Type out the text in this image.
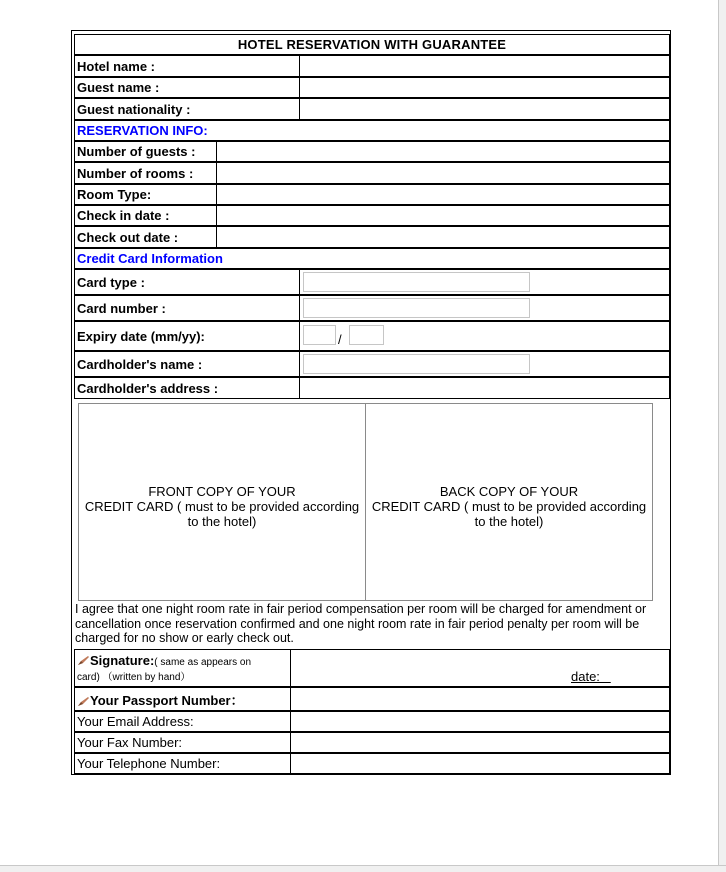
HOTEL RESERVATION WITH GUARANTEE
Hotel name :
Guest name :
Guest nationality :
RESERVATION INFO:
Number of guests :
Number of rooms :
Room Type:
Check in date :
Check out date :
Credit Card Information
Card type :
Card number :
Expiry date (mm/yy):	/
Cardholder's name :
Cardholder's address :
FRONT COPY OF YOUR
CREDIT CARD ( must to be provided according
to the hotel)
BACK COPY OF YOUR
CREDIT CARD ( must to be provided according
to the hotel)
I agree that one night room rate in fair period compensation per room will be charged for amendment or cancellation once reservation confirmed and one night room rate in fair period penalty per room will be charged for no show or early check out.
Signature:( same as appears on
card) （written by hand）	date:
Your Passport Number：
Your Email Address:
Your Fax Number:
Your Telephone Number:
